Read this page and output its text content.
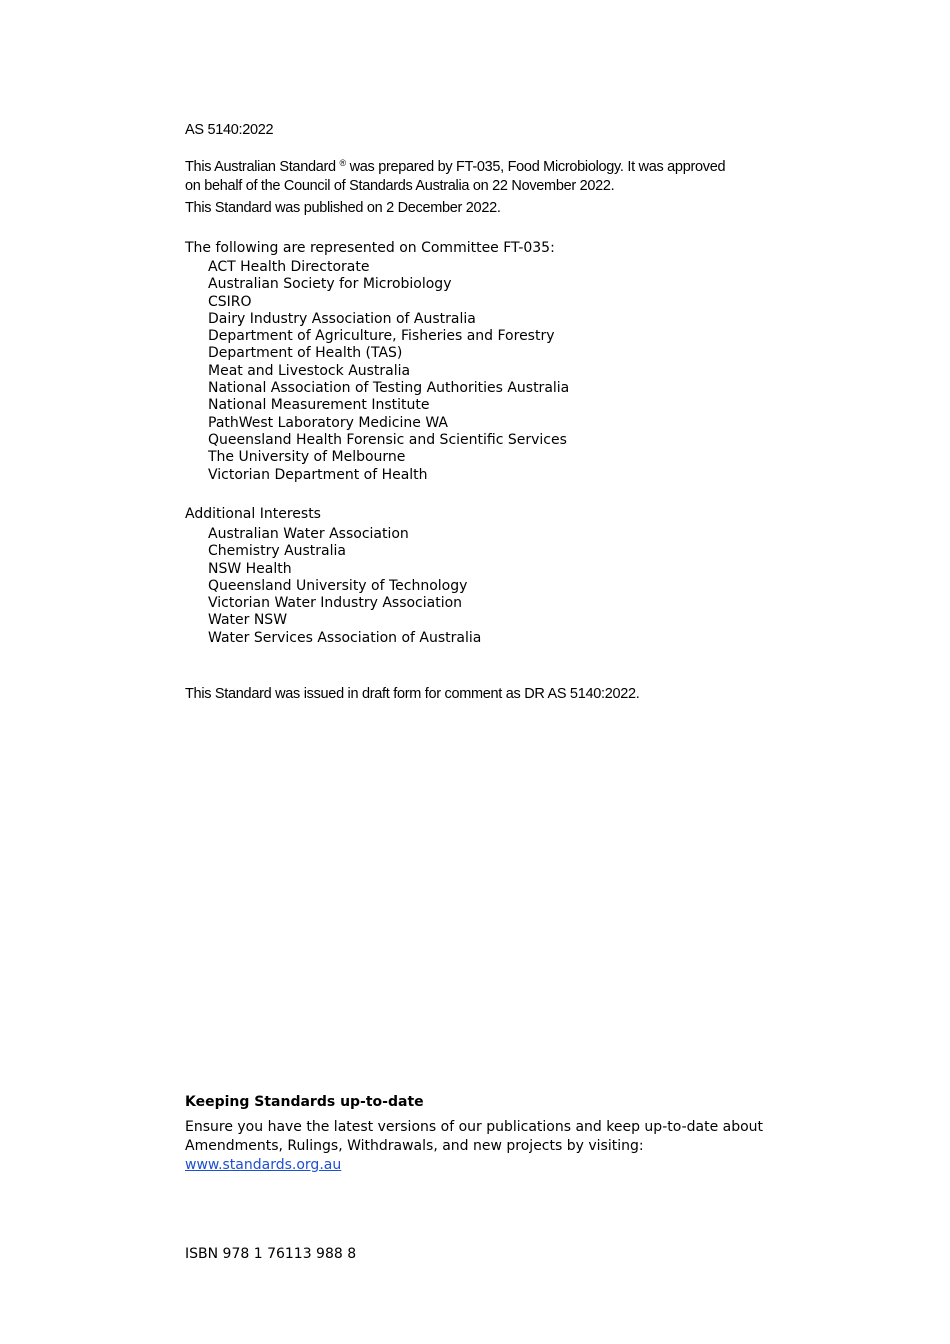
AS 5140:2022
This Australian Standard ® was prepared by FT-035, Food Microbiology. It was approved
on behalf of the Council of Standards Australia on 22 November 2022.
This Standard was published on 2 December 2022.
The following are represented on Committee FT-035:
ACT Health Directorate
Australian Society for Microbiology
CSIRO
Dairy Industry Association of Australia
Department of Agriculture, Fisheries and Forestry
Department of Health (TAS)
Meat and Livestock Australia
National Association of Testing Authorities Australia
National Measurement Institute
PathWest Laboratory Medicine WA
Queensland Health Forensic and Scientific Services
The University of Melbourne
Victorian Department of Health
Additional Interests
Australian Water Association
Chemistry Australia
NSW Health
Queensland University of Technology
Victorian Water Industry Association
Water NSW
Water Services Association of Australia
This Standard was issued in draft form for comment as DR AS 5140:2022.
Keeping Standards up-to-date
Ensure you have the latest versions of our publications and keep up-to-date about
Amendments, Rulings, Withdrawals, and new projects by visiting:
www.standards.org.au
ISBN 978 1 76113 988 8
